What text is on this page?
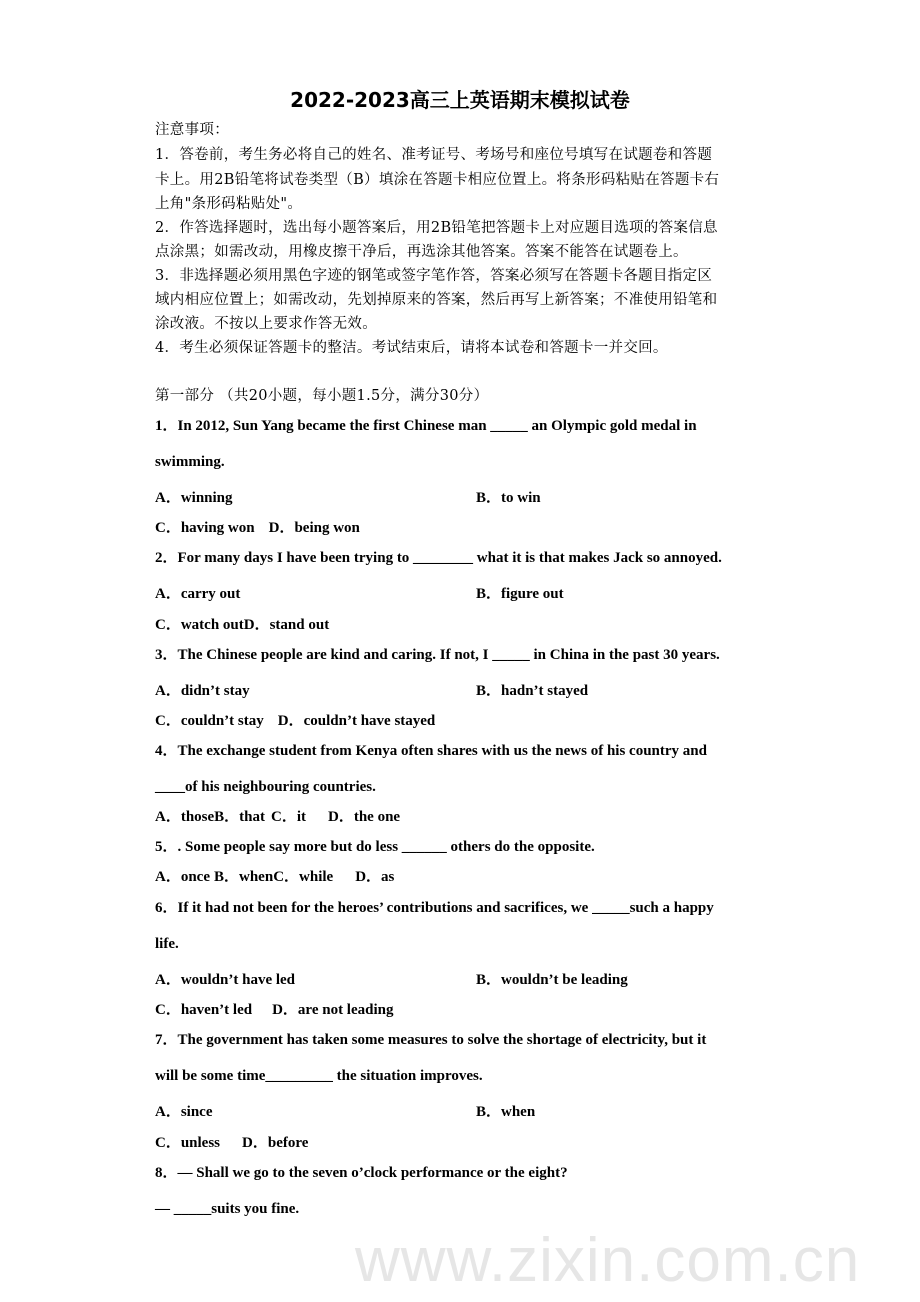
www.zixin.com.cn
2022-2023高三上英语期末模拟试卷
注意事项：
1．答卷前，考生务必将自己的姓名、准考证号、考场号和座位号填写在试题卷和答题
卡上。用2B铅笔将试卷类型（B）填涂在答题卡相应位置上。将条形码粘贴在答题卡右
上角"条形码粘贴处"。
2．作答选择题时，选出每小题答案后，用2B铅笔把答题卡上对应题目选项的答案信息
点涂黑；如需改动，用橡皮擦干净后，再选涂其他答案。答案不能答在试题卷上。
3．非选择题必须用黑色字迹的钢笔或签字笔作答，答案必须写在答题卡各题目指定区
域内相应位置上；如需改动，先划掉原来的答案，然后再写上新答案；不准使用铅笔和
涂改液。不按以上要求作答无效。
4．考生必须保证答题卡的整洁。考试结束后，请将本试卷和答题卡一并交回。
第一部分 （共20小题，每小题1.5分，满分30分）
1．In 2012, Sun Yang became the first Chinese man _____ an Olympic gold medal in
swimming.
A．winning	B．to win
C．having won D．being won
2．For many days I have been trying to ________ what it is that makes Jack so annoyed.
A．carry out	B．figure out
C．watch outD．stand out
3．The Chinese people are kind and caring. If not, I _____ in China in the past 30 years.
A．didn’t stay	B．hadn’t stayed
C．couldn’t stay D．couldn’t have stayed
4．The exchange student from Kenya often shares with us the news of his country and
____of his neighbouring countries.
A．thoseB．that C．it D．the one
5．. Some people say more but do less ______ others do the opposite.
A．once B．whenC．while D．as
6．If it had not been for the heroes’ contributions and sacrifices, we _____such a happy
life.
A．wouldn’t have led	B．wouldn’t be leading
C．haven’t led D．are not leading
7．The government has taken some measures to solve the shortage of electricity, but it
will be some time_________ the situation improves.
A．since	B．when
C．unless D．before
8．— Shall we go to the seven o’clock performance or the eight?
— _____suits you fine.
